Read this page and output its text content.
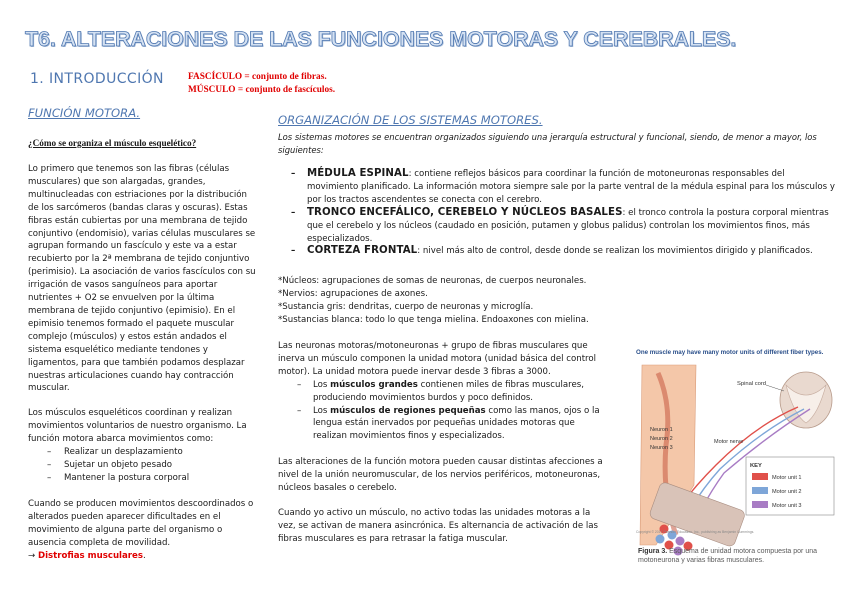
T6. ALTERACIONES DE LAS FUNCIONES MOTORAS Y CEREBRALES.
1. INTRODUCCIÓN	FASCÍCULO = conjunto de fibras.
MÚSCULO = conjunto de fascículos.
FUNCIÓN MOTORA.
¿Cómo se organiza el músculo esquelético?

Lo primero que tenemos son las fibras (células musculares) que son alargadas, grandes, multinucleadas con estriaciones por la distribución de los sarcómeros (bandas claras y oscuras). Estas fibras están cubiertas por una membrana de tejido conjuntivo (endomisio), varias células musculares se agrupan formando un fascículo y este va a estar recubierto por la 2ª membrana de tejido conjuntivo (perimisio). La asociación de varios fascículos con su irrigación de vasos sanguíneos para aportar nutrientes + O2 se envuelven por la última membrana de tejido conjuntivo (epimisio). En el epimisio tenemos formado el paquete muscular complejo (músculos) y estos están andados el sistema esquelético mediante tendones y ligamentos, para que también podamos desplazar nuestras articulaciones cuando hay contracción muscular.

Los músculos esqueléticos coordinan y realizan movimientos voluntarios de nuestro organismo. La función motora abarca movimientos como:

– Realizar un desplazamiento
– Sujetar un objeto pesado
– Mantener la postura corporal

Cuando se producen movimientos descoordinados o alterados pueden aparecer dificultades en el movimiento de alguna parte del organismo o ausencia completa de movilidad.

→ Distrofias musculares.

ORGANIZACIÓN DE LOS SISTEMAS MOTORES.
Los sistemas motores se encuentran organizados siguiendo una jerarquía estructural y funcional, siendo, de menor a mayor, los siguientes:
– MÉDULA ESPINAL: contiene reflejos básicos para coordinar la función de motoneuronas responsables del movimiento planificado. La información motora siempre sale por la parte ventral de la médula espinal para los músculos y por los tractos ascendentes se conecta con el cerebro.
– TRONCO ENCEFÁLICO, CEREBELO Y NÚCLEOS BASALES: el tronco controla la postura corporal mientras que el cerebelo y los núcleos (caudado en posición, putamen y globus palidus) controlan los movimientos finos, más especializados.
– CORTEZA FRONTAL: nivel más alto de control, desde donde se realizan los movimientos dirigido y planificados.
*Núcleos: agrupaciones de somas de neuronas, de cuerpos neuronales.
*Nervios: agrupaciones de axones.
*Sustancia gris: dendritas, cuerpo de neuronas y microglía.
*Sustancias blanca: todo lo que tenga mielina. Endoaxones con mielina.

Las neuronas motoras/motoneuronas + grupo de fibras musculares que inerva un músculo componen la unidad motora (unidad básica del control motor). La unidad motora puede inervar desde 3 fibras a 3000.

– Los músculos grandes contienen miles de fibras musculares, produciendo movimientos burdos y poco definidos.
– Los músculos de regiones pequeñas como las manos, ojos o la lengua están inervados por pequeñas unidades motoras que realizan movimientos finos y especializados.
Las alteraciones de la función motora pueden causar distintas afecciones a nivel de la unión neuromuscular, de los nervios periféricos, motoneuronas, núcleos basales o cerebelo.
Cuando yo activo un músculo, no activo todas las unidades motoras a la vez, se activan de manera asincrónica. Es alternancia de activación de las fibras musculares es para retrasar la fatiga muscular.
One muscle may have many motor units of different fiber types.
Spinal cord
Neuron 1
Neuron 2
Neuron 3
Motor nerve
KEY
Motor unit 1
Motor unit 2
Motor unit 3
Copyright © 2017 Pearson Education, Inc., publishing as Benjamin Cummings.
Figura 3. Esquema de unidad motora compuesta por una motoneurona y varias fibras musculares.
